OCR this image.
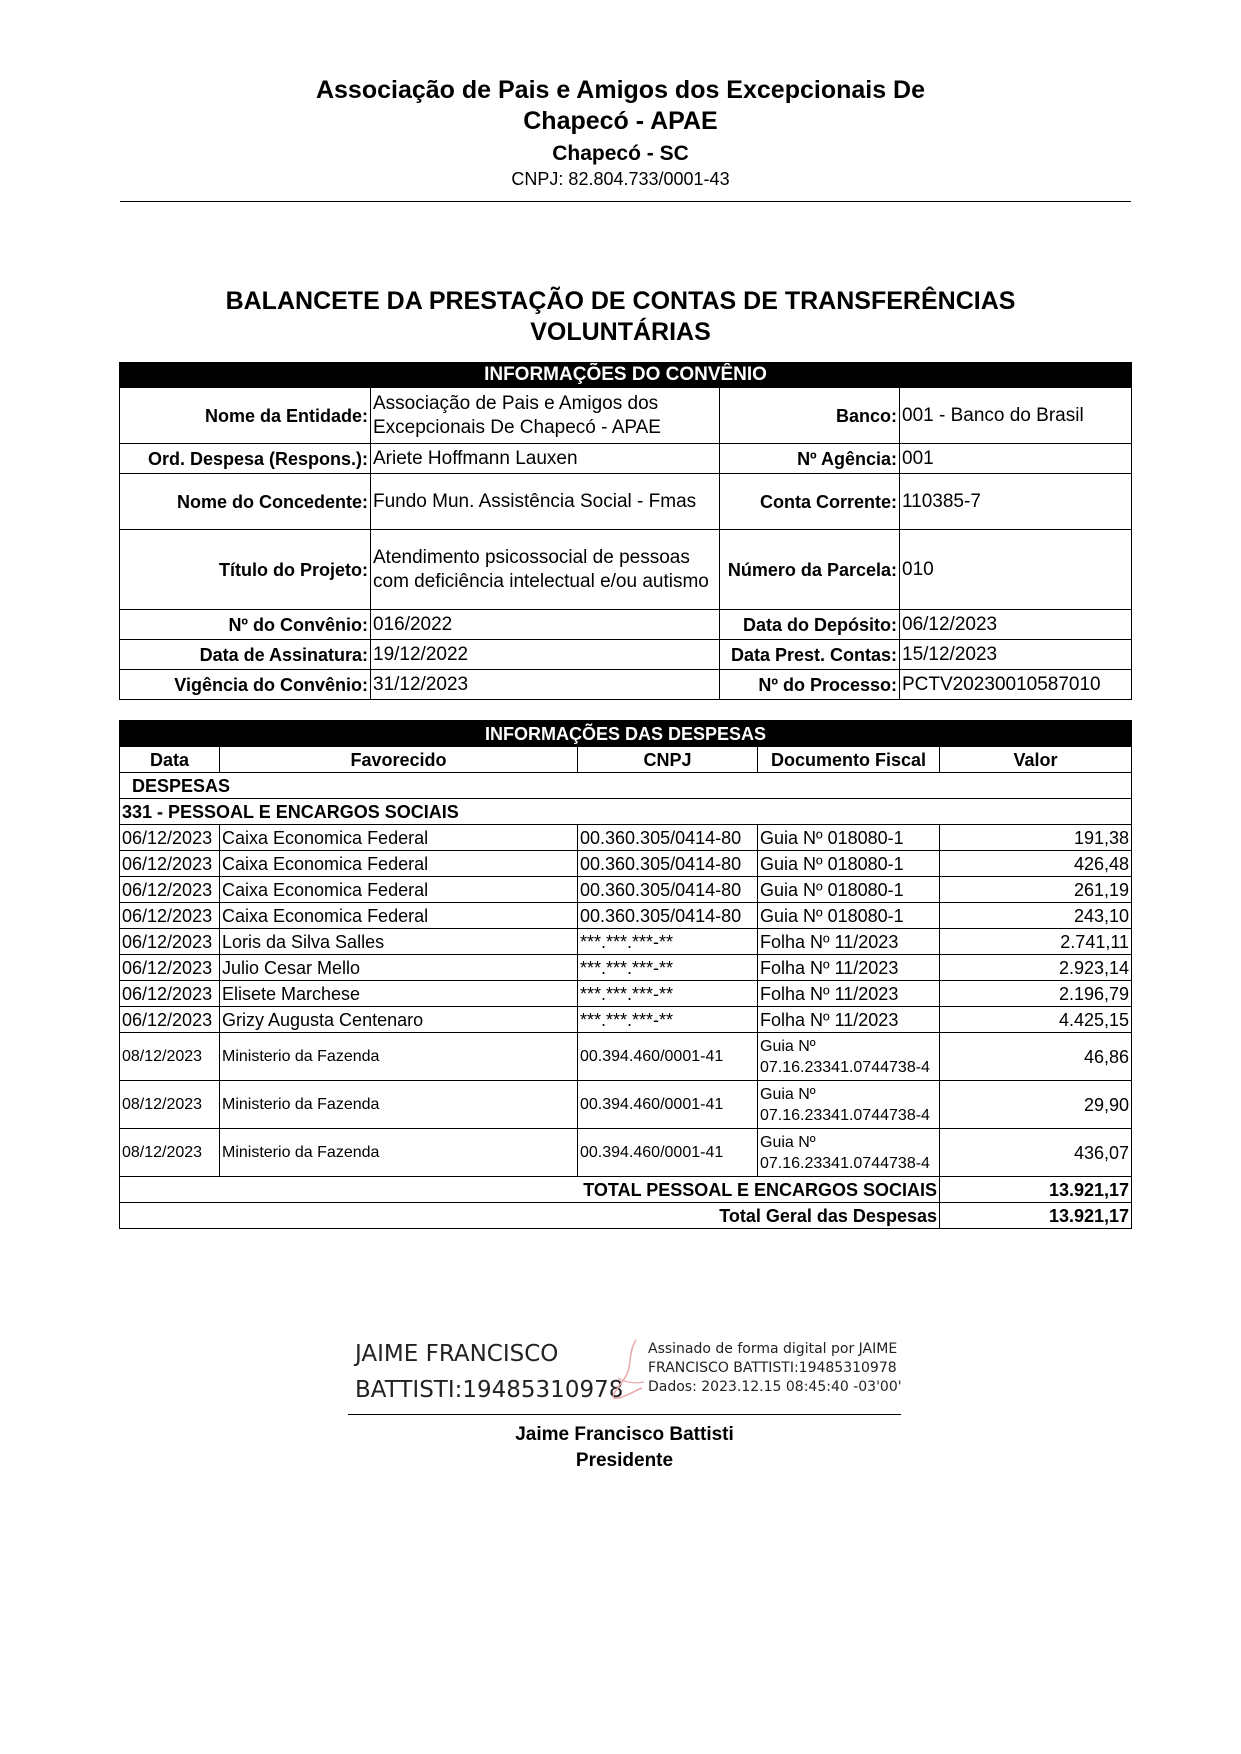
Associação de Pais e Amigos dos Excepcionais De
Chapecó - APAE
Chapecó - SC
CNPJ: 82.804.733/0001-43
BALANCETE DA PRESTAÇÃO DE CONTAS DE TRANSFERÊNCIAS
VOLUNTÁRIAS
INFORMAÇÕES DO CONVÊNIO			
Nome da Entidade:	Associação de Pais e Amigos dos Excepcionais De Chapecó - APAE	Banco:	001 - Banco do Brasil
Ord. Despesa (Respons.):	Ariete Hoffmann Lauxen	Nº Agência:	001
Nome do Concedente:	Fundo Mun. Assistência Social - Fmas	Conta Corrente:	110385-7
Título do Projeto:	Atendimento psicossocial de pessoas com deficiência intelectual e/ou autismo	Número da Parcela:	010
Nº do Convênio:	016/2022	Data do Depósito:	06/12/2023
Data de Assinatura:	19/12/2022	Data Prest. Contas:	15/12/2023
Vigência do Convênio:	31/12/2023	Nº do Processo:	PCTV20230010587010
INFORMAÇÕES DAS DESPESAS				
Data	Favorecido	CNPJ	Documento Fiscal	Valor
DESPESAS				
331 - PESSOAL E ENCARGOS SOCIAIS				
06/12/2023	Caixa Economica Federal	00.360.305/0414-80	Guia Nº 018080-1	191,38
06/12/2023	Caixa Economica Federal	00.360.305/0414-80	Guia Nº 018080-1	426,48
06/12/2023	Caixa Economica Federal	00.360.305/0414-80	Guia Nº 018080-1	261,19
06/12/2023	Caixa Economica Federal	00.360.305/0414-80	Guia Nº 018080-1	243,10
06/12/2023	Loris da Silva Salles	***.***.***-**	Folha Nº 11/2023	2.741,11
06/12/2023	Julio Cesar Mello	***.***.***-**	Folha Nº 11/2023	2.923,14
06/12/2023	Elisete Marchese	***.***.***-**	Folha Nº 11/2023	2.196,79
06/12/2023	Grizy Augusta Centenaro	***.***.***-**	Folha Nº 11/2023	4.425,15
08/12/2023	Ministerio da Fazenda	00.394.460/0001-41	Guia Nº 07.16.23341.0744738-4	46,86
08/12/2023	Ministerio da Fazenda	00.394.460/0001-41	Guia Nº 07.16.23341.0744738-4	29,90
08/12/2023	Ministerio da Fazenda	00.394.460/0001-41	Guia Nº 07.16.23341.0744738-4	436,07
TOTAL PESSOAL E ENCARGOS SOCIAIS				13.921,17
Total Geral das Despesas				13.921,17
JAIME FRANCISCO
BATTISTI:19485310978
Assinado de forma digital por JAIME
FRANCISCO BATTISTI:19485310978
Dados: 2023.12.15 08:45:40 -03'00'
Jaime Francisco Battisti
Presidente
